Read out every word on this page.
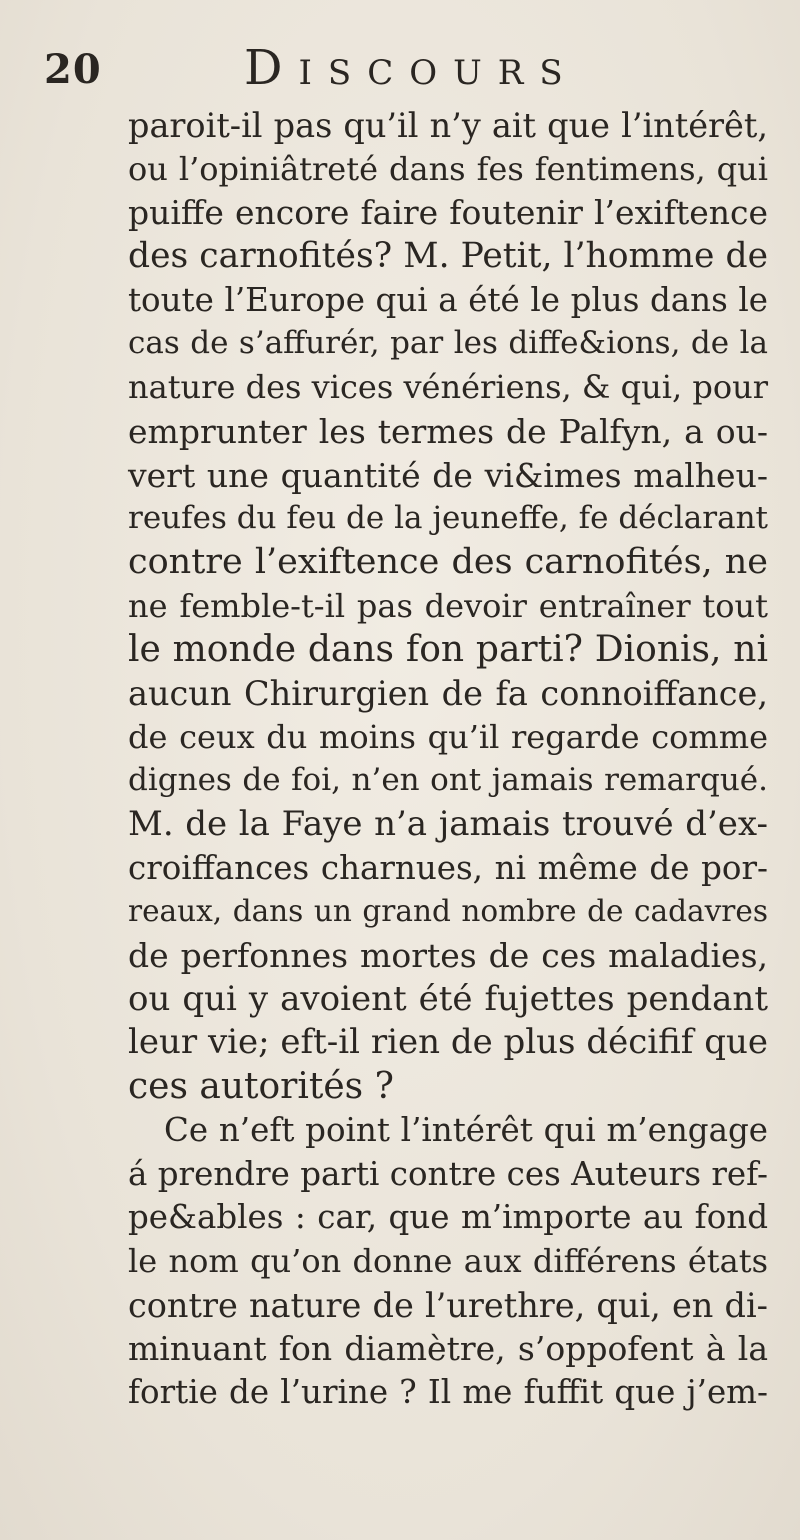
20	Discours
paroit-il pas qu’il n’y ait que l’intérêt,
ou l’opiniâtreté dans fes fentimens, qui
puiffe encore faire foutenir l’exiftence
des carnofités? M. Petit, l’homme de
toute l’Europe qui a été le plus dans le
cas de s’affurér, par les diffe&ions, de la
nature des vices vénériens, & qui, pour
emprunter les termes de Palfyn, a ou-
vert une quantité de vi&imes malheu-
reufes du feu de la jeuneffe, fe déclarant
contre l’exiftence des carnofités, ne
ne femble-t-il pas devoir entraîner tout
le monde dans fon parti? Dionis, ni
aucun Chirurgien de fa connoiffance,
de ceux du moins qu’il regarde comme
dignes de foi, n’en ont jamais remarqué.
M. de la Faye n’a jamais trouvé d’ex-
croiffances charnues, ni même de por-
reaux, dans un grand nombre de cadavres
de perfonnes mortes de ces maladies,
ou qui y avoient été fujettes pendant
leur vie; eft-il rien de plus décifif que
ces autorités ?
Ce n’eft point l’intérêt qui m’engage
á prendre parti contre ces Auteurs ref-
pe&ables : car, que m’importe au fond
le nom qu’on donne aux différens états
contre nature de l’urethre, qui, en di-
minuant fon diamètre, s’oppofent à la
fortie de l’urine ? Il me fuffit que j’em-
